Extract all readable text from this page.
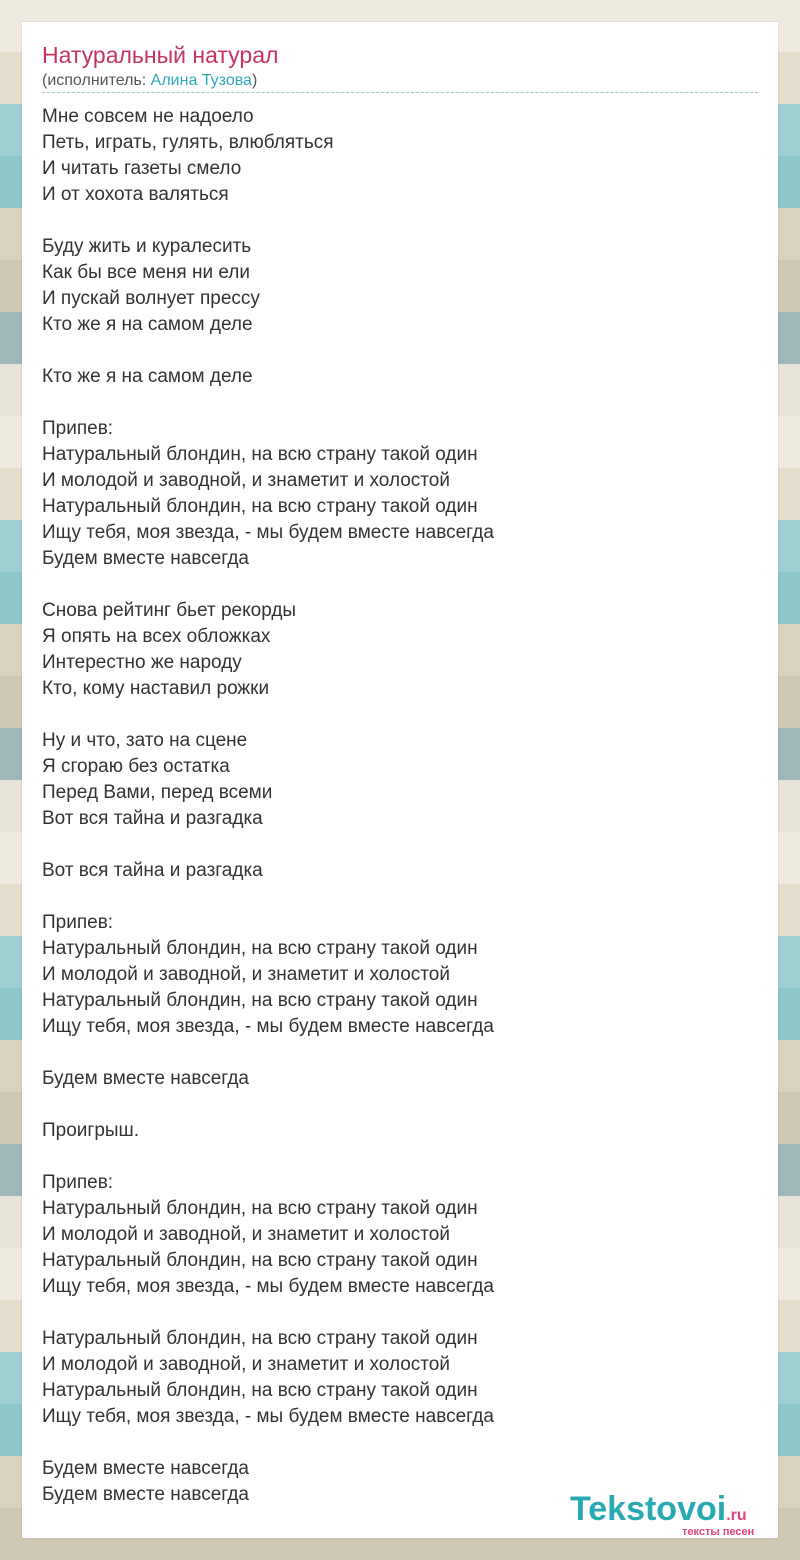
Натуральный натурал
(исполнитель: Алина Тузова)
Мне совсем не надоело
Петь, играть, гулять, влюбляться
И читать газеты смело
И от хохота валяться

Буду жить и куралесить
Как бы все меня ни ели
И пускай волнует прессу
Кто же я на самом деле

Кто же я на самом деле

Припев:
Натуральный блондин, на всю страну такой один
И молодой и заводной, и знаметит и холостой
Натуральный блондин, на всю страну такой один
Ищу тебя, моя звезда, - мы будем вместе навсегда
Будем вместе навсегда

Снова рейтинг бьет рекорды
Я опять на всех обложках
Интерестно же народу
Кто, кому наставил рожки

Ну и что, зато на сцене
Я сгораю без остатка
Перед Вами, перед всеми
Вот вся тайна и разгадка

Вот вся тайна и разгадка

Припев:
Натуральный блондин, на всю страну такой один
И молодой и заводной, и знаметит и холостой
Натуральный блондин, на всю страну такой один
Ищу тебя, моя звезда, - мы будем вместе навсегда

Будем вместе навсегда

Проигрыш.

Припев:
Натуральный блондин, на всю страну такой один
И молодой и заводной, и знаметит и холостой
Натуральный блондин, на всю страну такой один
Ищу тебя, моя звезда, - мы будем вместе навсегда

Натуральный блондин, на всю страну такой один
И молодой и заводной, и знаметит и холостой
Натуральный блондин, на всю страну такой один
Ищу тебя, моя звезда, - мы будем вместе навсегда

Будем вместе навсегда
Будем вместе навсегда	Tekstovoi.ru
тексты песен
